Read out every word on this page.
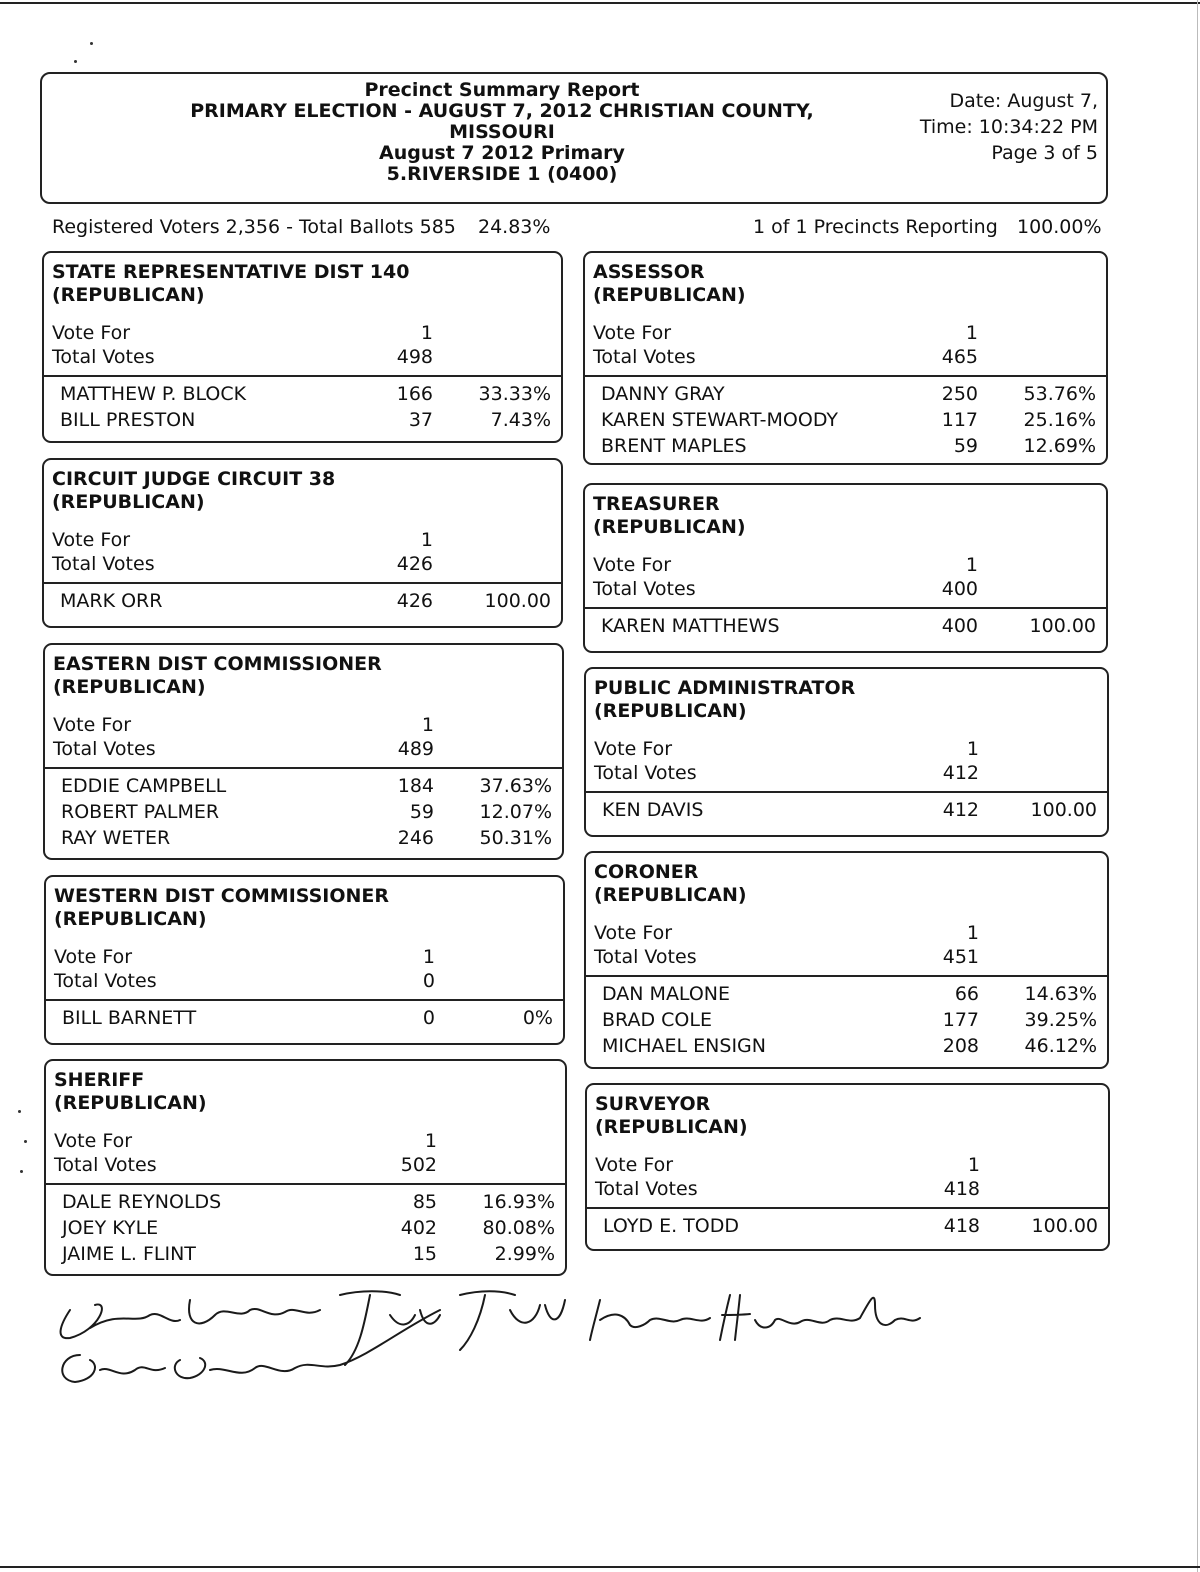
Precinct Summary Report
PRIMARY ELECTION - AUGUST 7, 2012 CHRISTIAN COUNTY,
MISSOURI
August 7 2012 Primary
5.RIVERSIDE 1 (0400)
Date: August 7,
Time: 10:34:22 PM
Page 3 of 5
Registered Voters 2,356 - Total Ballots 585 24.83%	1 of 1 Precincts Reporting 100.00%
STATE REPRESENTATIVE DIST 140
(REPUBLICAN)
Vote For	1
Total Votes	498
MATTHEW P. BLOCK	166 33.33%
BILL PRESTON	37	7.43%
CIRCUIT JUDGE CIRCUIT 38
(REPUBLICAN)
Vote For	1
Total Votes	426
MARK ORR	426	100.00
EASTERN DIST COMMISSIONER
(REPUBLICAN)
Vote For	1
Total Votes	489
EDDIE CAMPBELL	184 37.63%
ROBERT PALMER	59 12.07%
RAY WETER	246 50.31%
WESTERN DIST COMMISSIONER
(REPUBLICAN)
Vote For	1
Total Votes	0
BILL BARNETT	0	0%
SHERIFF
(REPUBLICAN)
Vote For	1
Total Votes	502
DALE REYNOLDS	85 16.93%
JOEY KYLE	402 80.08%
JAIME L. FLINT	15	2.99%
ASSESSOR
(REPUBLICAN)
Vote For	1
Total Votes	465
DANNY GRAY	250 53.76%
KAREN STEWART-MOODY	117 25.16%
BRENT MAPLES	59 12.69%
TREASURER
(REPUBLICAN)
Vote For	1
Total Votes	400
KAREN MATTHEWS	400	100.00
PUBLIC ADMINISTRATOR
(REPUBLICAN)
Vote For	1
Total Votes	412
KEN DAVIS	412	100.00
CORONER
(REPUBLICAN)
Vote For	1
Total Votes	451
DAN MALONE	66 14.63%
BRAD COLE	177 39.25%
MICHAEL ENSIGN	208 46.12%
SURVEYOR
(REPUBLICAN)
Vote For	1
Total Votes	418
LOYD E. TODD	418	100.00
